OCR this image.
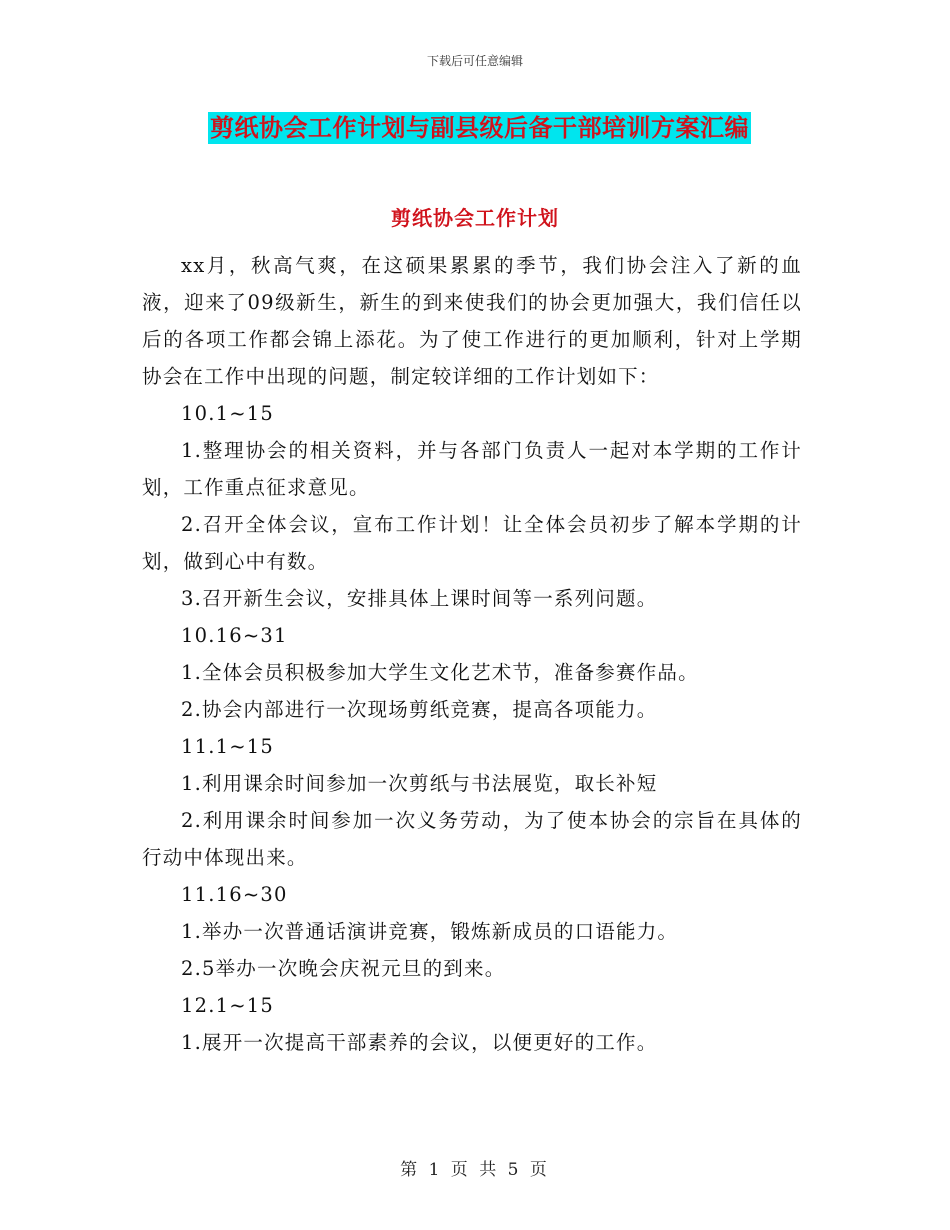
下载后可任意编辑
剪纸协会工作计划与副县级后备干部培训方案汇编
剪纸协会工作计划

xx月，秋高气爽，在这硕果累累的季节，我们协会注入了新的血液，迎来了09级新生，新生的到来使我们的协会更加强大，我们信任以后的各项工作都会锦上添花。为了使工作进行的更加顺利，针对上学期协会在工作中出现的问题，制定较详细的工作计划如下：

10.1~15

1.整理协会的相关资料，并与各部门负责人一起对本学期的工作计划，工作重点征求意见。

2.召开全体会议，宣布工作计划！让全体会员初步了解本学期的计划，做到心中有数。

3.召开新生会议，安排具体上课时间等一系列问题。

10.16~31

1.全体会员积极参加大学生文化艺术节，准备参赛作品。

2.协会内部进行一次现场剪纸竞赛，提高各项能力。

11.1~15

1.利用课余时间参加一次剪纸与书法展览，取长补短

2.利用课余时间参加一次义务劳动，为了使本协会的宗旨在具体的行动中体现出来。

11.16~30

1.举办一次普通话演讲竞赛，锻炼新成员的口语能力。

2.5举办一次晚会庆祝元旦的到来。

12.1~15

1.展开一次提高干部素养的会议，以便更好的工作。

第 1 页 共 5 页
